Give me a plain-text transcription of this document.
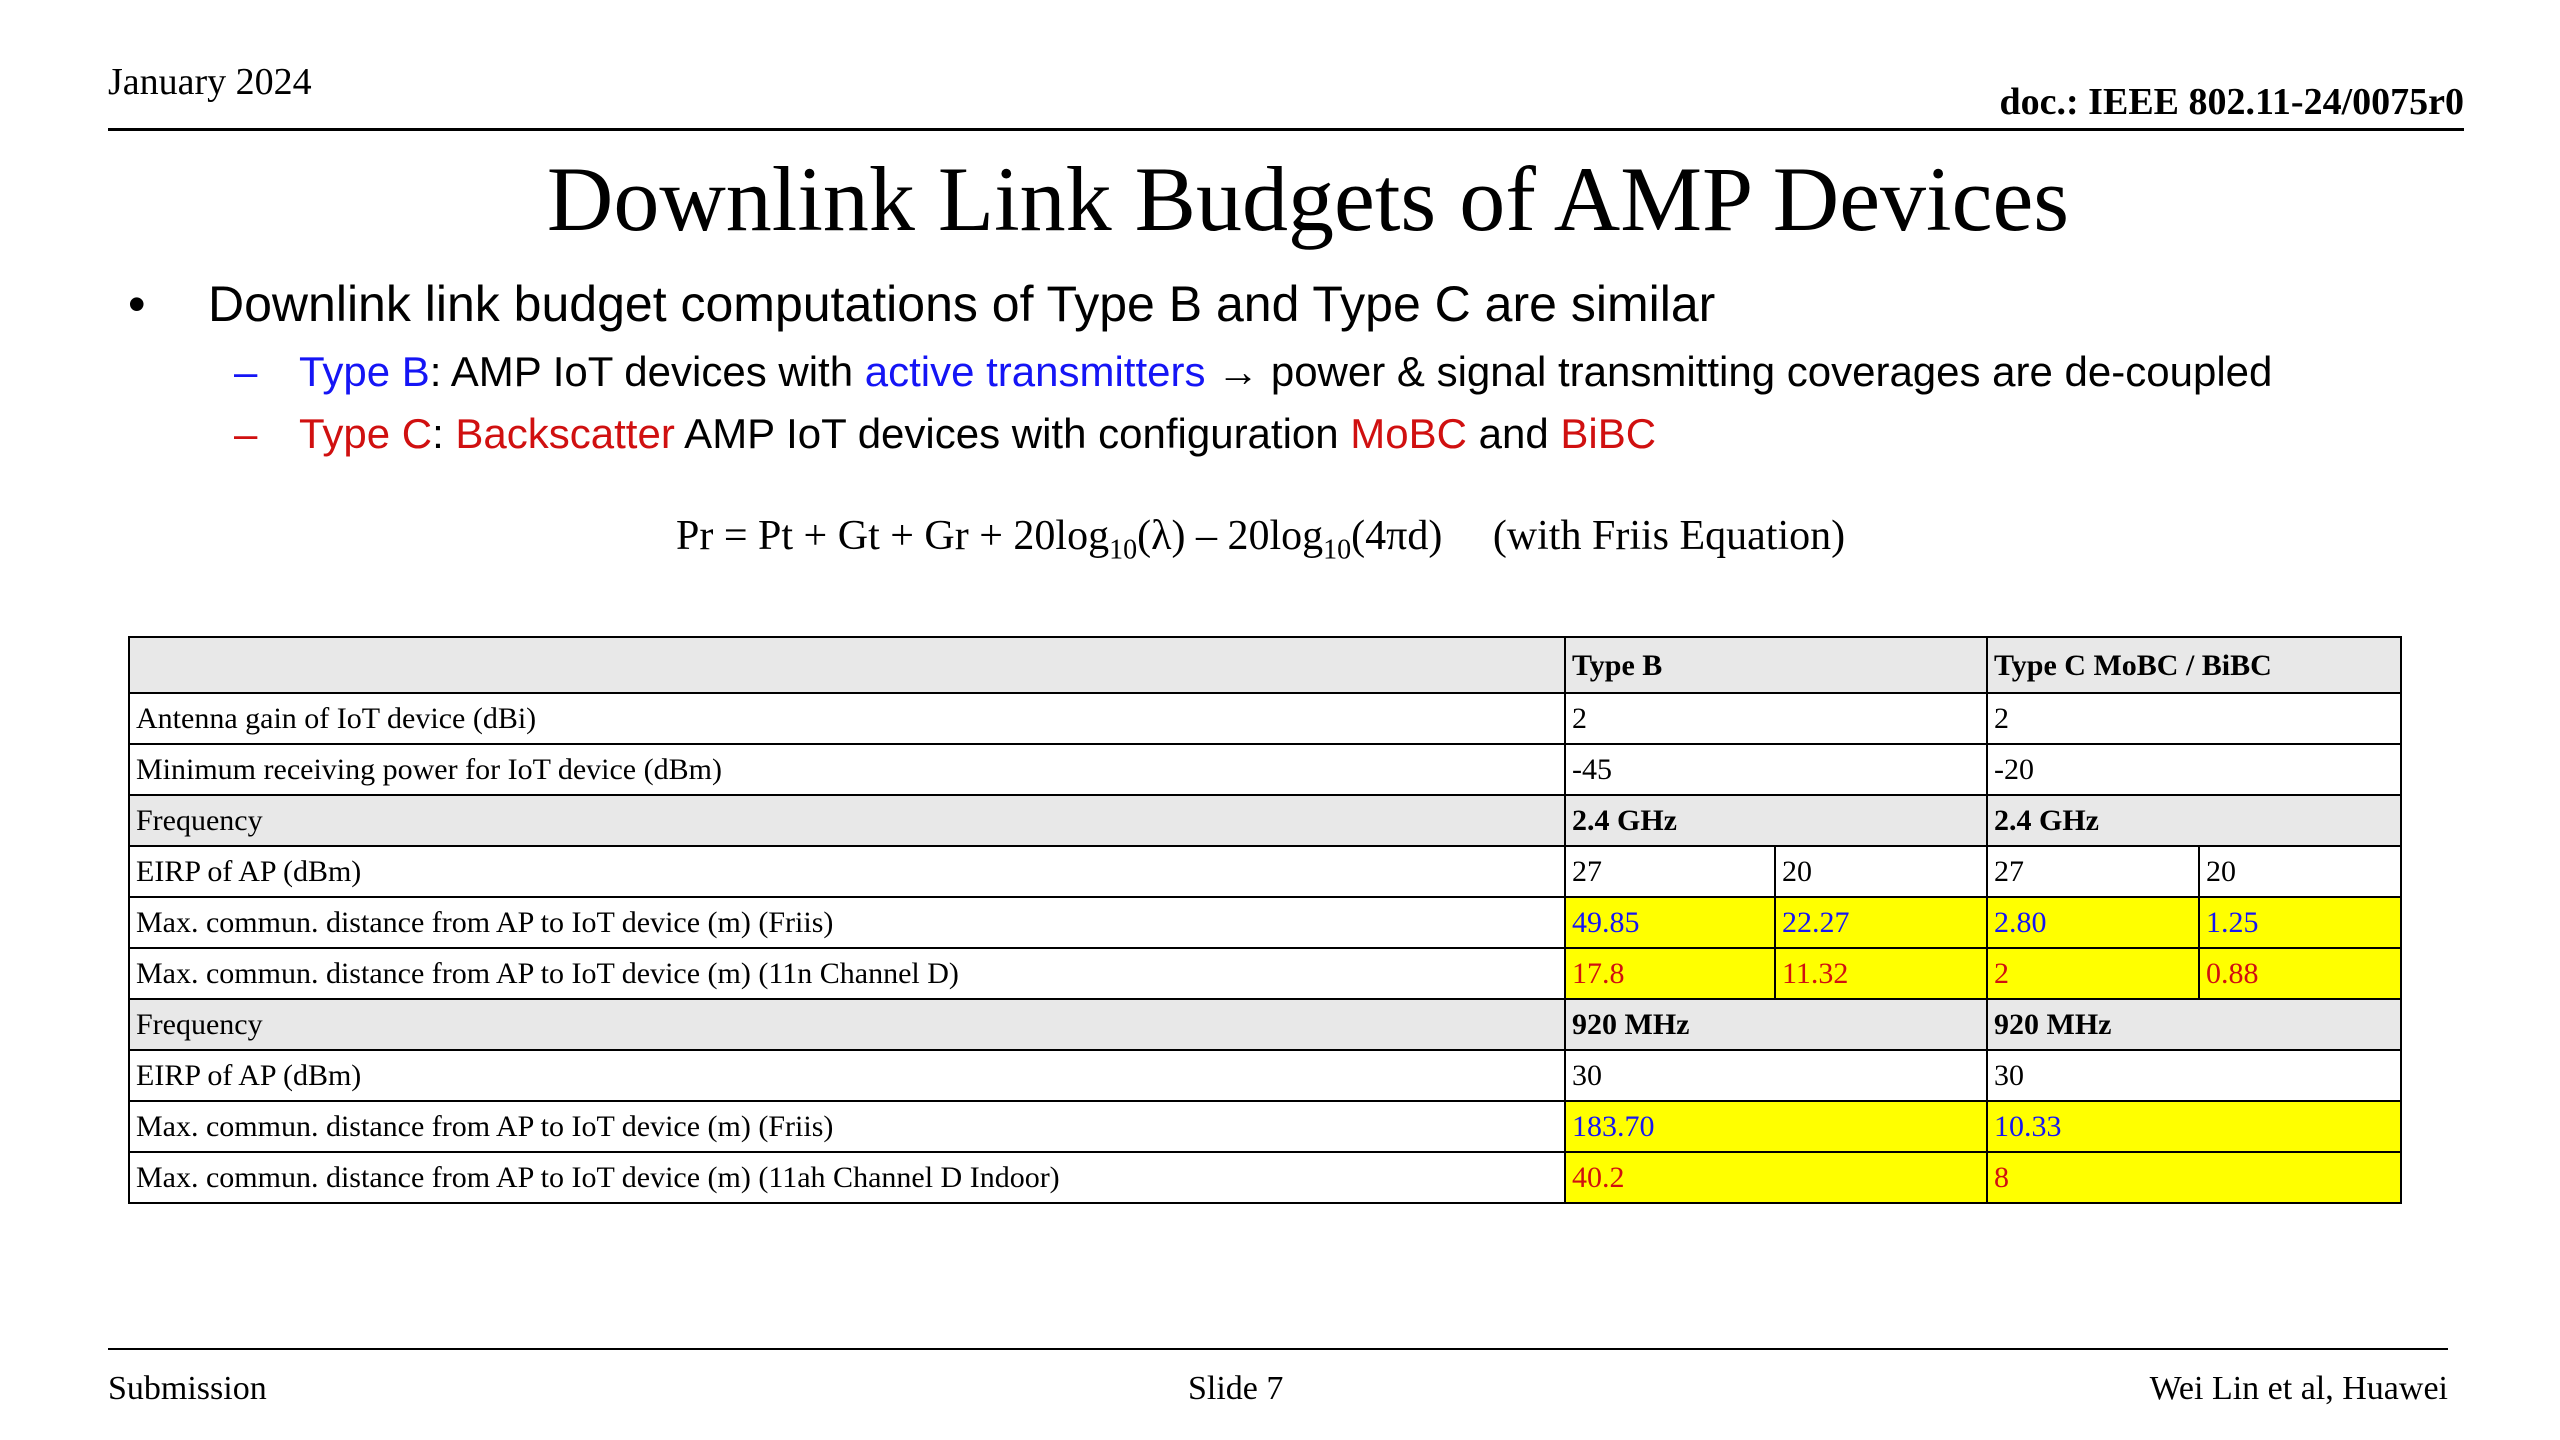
January 2024	doc.: IEEE 802.11-24/0075r0
Downlink Link Budgets of AMP Devices
• Downlink link budget computations of Type B and Type C are similar
– Type B: AMP IoT devices with active transmitters → power & signal transmitting coverages are de-coupled
– Type C: Backscatter AMP IoT devices with configuration MoBC and BiBC
$Pr = Pt + Gt + Gr + 20\log_{10}(\lambda) - 20\log_{10}(4\pi d)$ (with Friis Equation)
	Type B		Type C MoBC / BiBC	
Antenna gain of IoT device (dBi)	2		2	
Minimum receiving power for IoT device (dBm)	-45		-20	
Frequency	2.4 GHz		2.4 GHz	
EIRP of AP (dBm)	27	20	27	20
Max. commun. distance from AP to IoT device (m) (Friis)	49.85	22.27	2.80	1.25
Max. commun. distance from AP to IoT device (m) (11n Channel D)	17.8	11.32	2	0.88
Frequency	920 MHz		920 MHz	
EIRP of AP (dBm)	30		30	
Max. commun. distance from AP to IoT device (m) (Friis)	183.70		10.33	
Max. commun. distance from AP to IoT device (m) (11ah Channel D Indoor)	40.2		8	
Submission	Slide 7	Wei Lin et al, Huawei
